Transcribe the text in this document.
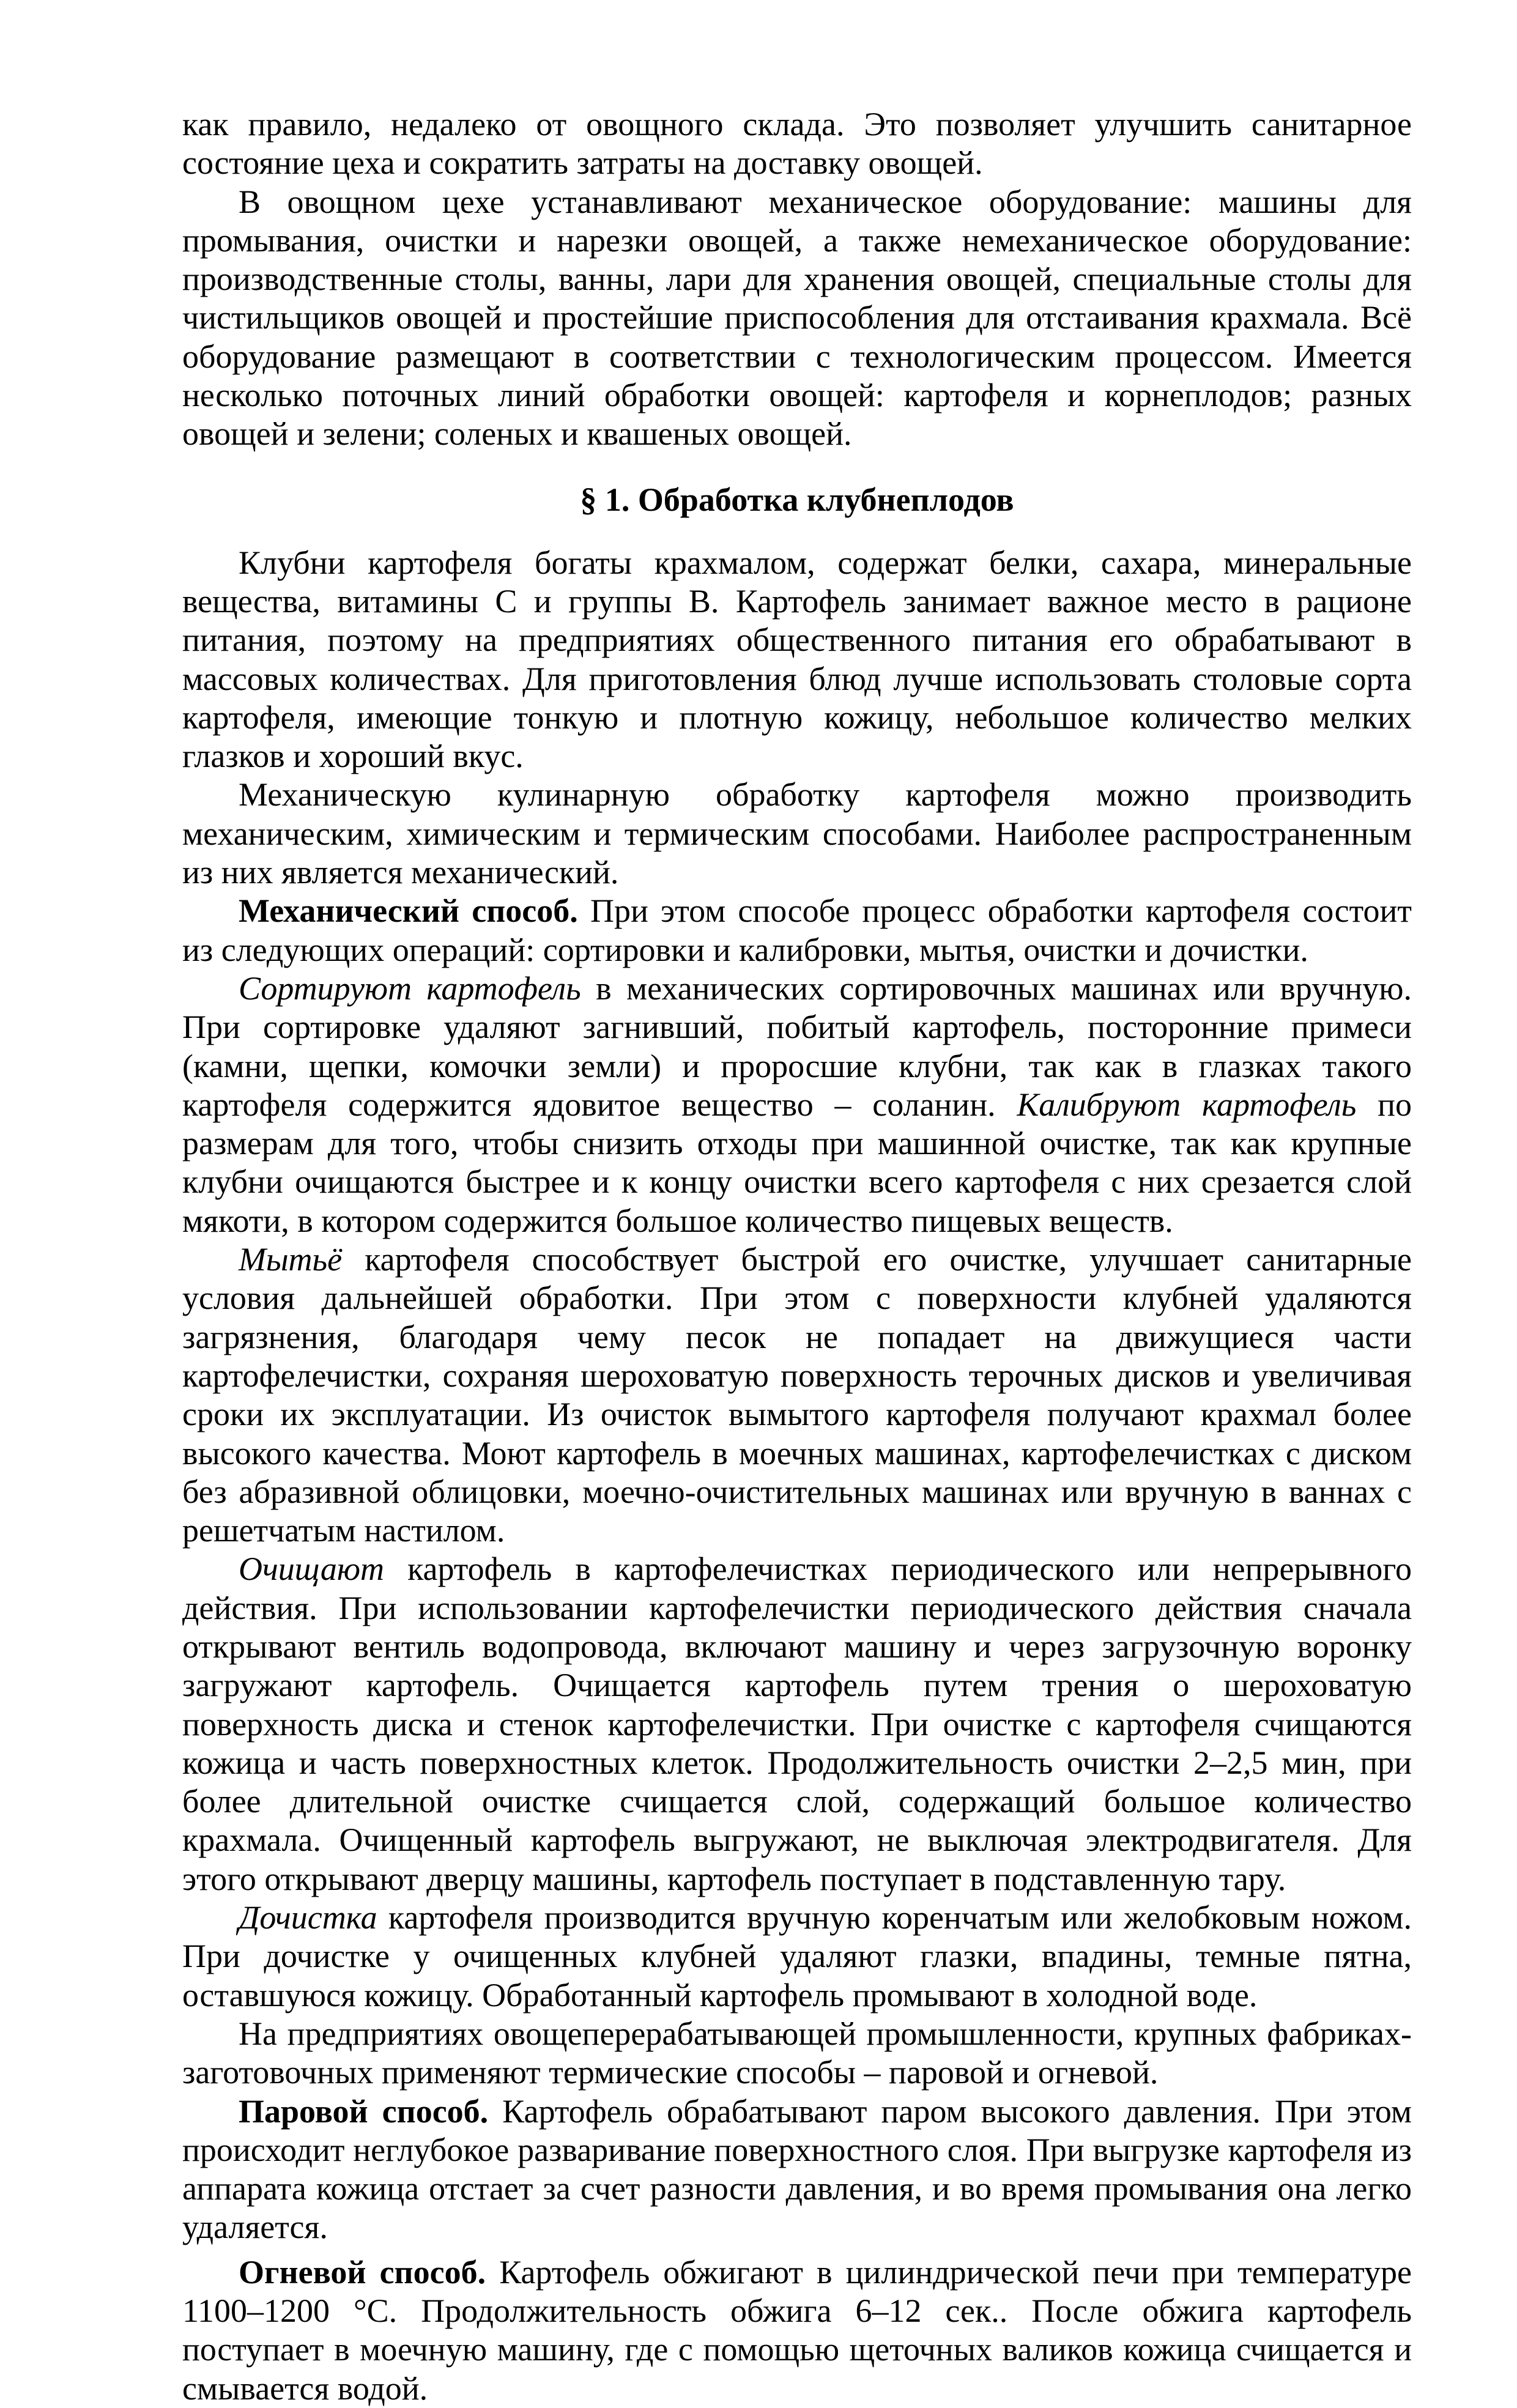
как правило, недалеко от овощного склада. Это позволяет улучшить санитарное состояние цеха и сократить затраты на доставку овощей.

В овощном цехе устанавливают механическое оборудование: машины для промывания, очистки и нарезки овощей, а также немеханическое оборудование: производственные столы, ванны, лари для хранения овощей, специальные столы для чистильщиков овощей и простейшие приспособления для отстаивания крахмала. Всё оборудование размещают в соответствии с технологическим процессом. Имеется несколько поточных линий обработки овощей: картофеля и корнеплодов; разных овощей и зелени; соленых и квашеных овощей.

§ 1. Обработка клубнеплодов

Клубни картофеля богаты крахмалом, содержат белки, сахара, минеральные вещества, витамины С и группы В. Картофель занимает важное место в рационе питания, поэтому на предприятиях общественного питания его обрабатывают в массовых количествах. Для приготовления блюд лучше использовать столовые сорта картофеля, имеющие тонкую и плотную кожицу, небольшое количество мелких глазков и хороший вкус.

Механическую кулинарную обработку картофеля можно производить механическим, химическим и термическим способами. Наиболее распространенным из них является механический.

Механический способ. При этом способе процесс обработки картофеля состоит из следующих операций: сортировки и калибровки, мытья, очистки и дочистки.

Сортируют картофель в механических сортировочных машинах или вручную. При сортировке удаляют загнивший, побитый картофель, посторонние примеси (камни, щепки, комочки земли) и проросшие клубни, так как в глазках такого картофеля содержится ядовитое вещество – соланин. Калибруют картофель по размерам для того, чтобы снизить отходы при машинной очистке, так как крупные клубни очищаются быстрее и к концу очистки всего картофеля с них срезается слой мякоти, в котором содержится большое количество пищевых веществ.

Мытьё картофеля способствует быстрой его очистке, улучшает санитарные условия дальнейшей обработки. При этом с поверхности клубней удаляются загрязнения, благодаря чему песок не попадает на движущиеся части картофелечистки, сохраняя шероховатую поверхность терочных дисков и увеличивая сроки их эксплуатации. Из очисток вымытого картофеля получают крахмал более высокого качества. Моют картофель в моечных машинах, картофелечистках с диском без абразивной облицовки, моечно-очистительных машинах или вручную в ваннах с решетчатым настилом.

Очищают картофель в картофелечистках периодического или непрерывного действия. При использовании картофелечистки периодического действия сначала открывают вентиль водопровода, включают машину и через загрузочную воронку загружают картофель. Очищается картофель путем трения о шероховатую поверхность диска и стенок картофелечистки. При очистке с картофеля счищаются кожица и часть поверхностных клеток. Продолжительность очистки 2–2,5 мин, при более длительной очистке счищается слой, содержащий большое количество крахмала. Очищенный картофель выгружают, не выключая электродвигателя. Для этого открывают дверцу машины, картофель поступает в подставленную тару.

Дочистка картофеля производится вручную коренчатым или желобковым ножом. При дочистке у очищенных клубней удаляют глазки, впадины, темные пятна, оставшуюся кожицу. Обработанный картофель промывают в холодной воде.

На предприятиях овощеперерабатывающей промышленности, крупных фабриках-заготовочных применяют термические способы – паровой и огневой.

Паровой способ. Картофель обрабатывают паром высокого давления. При этом происходит неглубокое разваривание поверхностного слоя. При выгрузке картофеля из аппарата кожица отстает за счет разности давления, и во время промывания она легко удаляется.

Огневой способ. Картофель обжигают в цилиндрической печи при температуре 1100–1200 °С. Продолжительность обжига 6–12 сек.. После обжига картофель поступает в моечную машину, где с помощью щеточных валиков кожица счищается и смывается водой.
